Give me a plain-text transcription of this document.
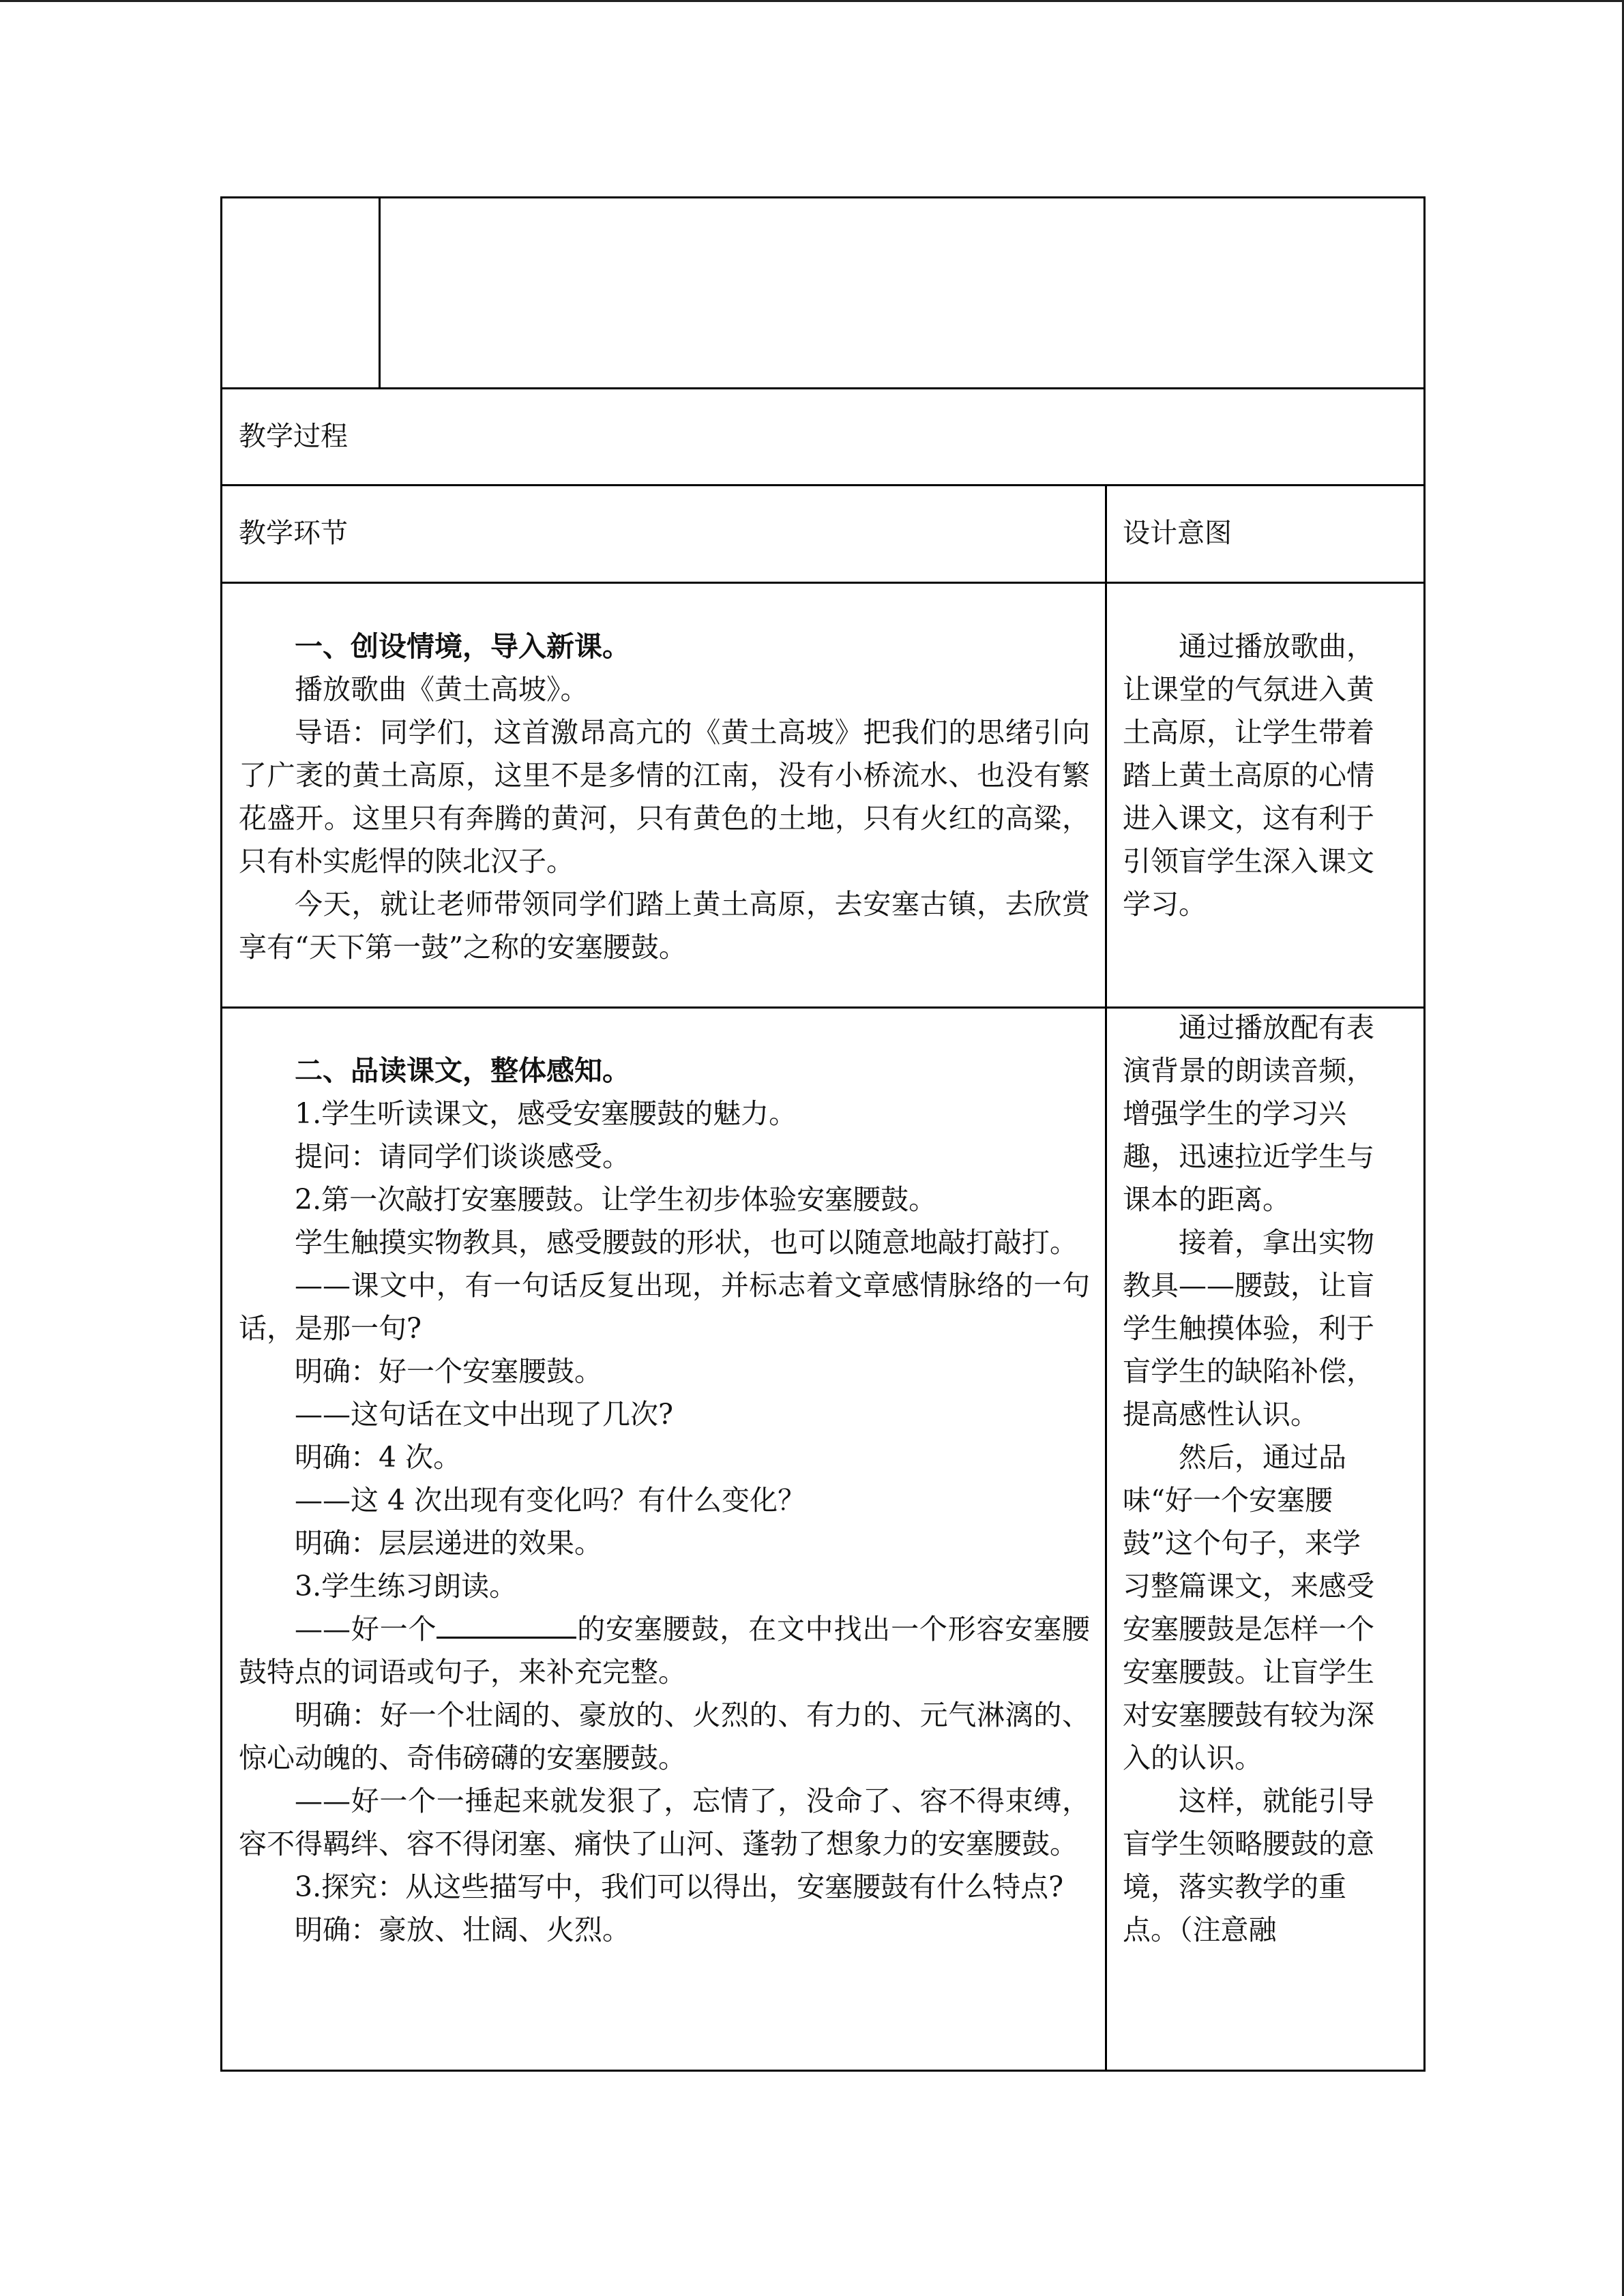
教学过程
教学环节	设计意图

一、创设情境，导入新课。

播放歌曲《黄土高坡》。

导语：同学们，这首激昂高亢的《黄土高坡》把我们的思绪引向了广袤的黄土高原，这里不是多情的江南，没有小桥流水、也没有繁花盛开。这里只有奔腾的黄河，只有黄色的土地，只有火红的高粱，只有朴实彪悍的陕北汉子。

今天，就让老师带领同学们踏上黄土高原，去安塞古镇，去欣赏享有“天下第一鼓”之称的安塞腰鼓。

通过播放歌曲，让课堂的气氛进入黄土高原，让学生带着踏上黄土高原的心情进入课文，这有利于引领盲学生深入课文学习。

二、品读课文，整体感知。

1.学生听读课文，感受安塞腰鼓的魅力。

提问：请同学们谈谈感受。

2.第一次敲打安塞腰鼓。让学生初步体验安塞腰鼓。

学生触摸实物教具，感受腰鼓的形状，也可以随意地敲打敲打。

——课文中，有一句话反复出现，并标志着文章感情脉络的一句话，是那一句?

明确：好一个安塞腰鼓。

——这句话在文中出现了几次?

明确：4 次。

——这 4 次出现有变化吗？有什么变化？

明确：层层递进的效果。

3.学生练习朗读。

——好一个	的安塞腰鼓，在文中找出一个形容安塞腰鼓特点的词语或句子，来补充完整。

明确：好一个壮阔的、豪放的、火烈的、有力的、元气淋漓的、惊心动魄的、奇伟磅礴的安塞腰鼓。

——好一个一捶起来就发狠了，忘情了，没命了、容不得束缚，容不得羁绊、容不得闭塞、痛快了山河、蓬勃了想象力的安塞腰鼓。

3.探究：从这些描写中，我们可以得出，安塞腰鼓有什么特点?

明确：豪放、壮阔、火烈。

通过播放配有表演背景的朗读音频，增强学生的学习兴趣，迅速拉近学生与课本的距离。

接着，拿出实物教具——腰鼓，让盲学生触摸体验，利于盲学生的缺陷补偿，提高感性认识。

然后，通过品味“好一个安塞腰鼓”这个句子，来学习整篇课文，来感受安塞腰鼓是怎样一个安塞腰鼓。让盲学生对安塞腰鼓有较为深入的认识。

这样，就能引导盲学生领略腰鼓的意境，落实教学的重点。（注意融
